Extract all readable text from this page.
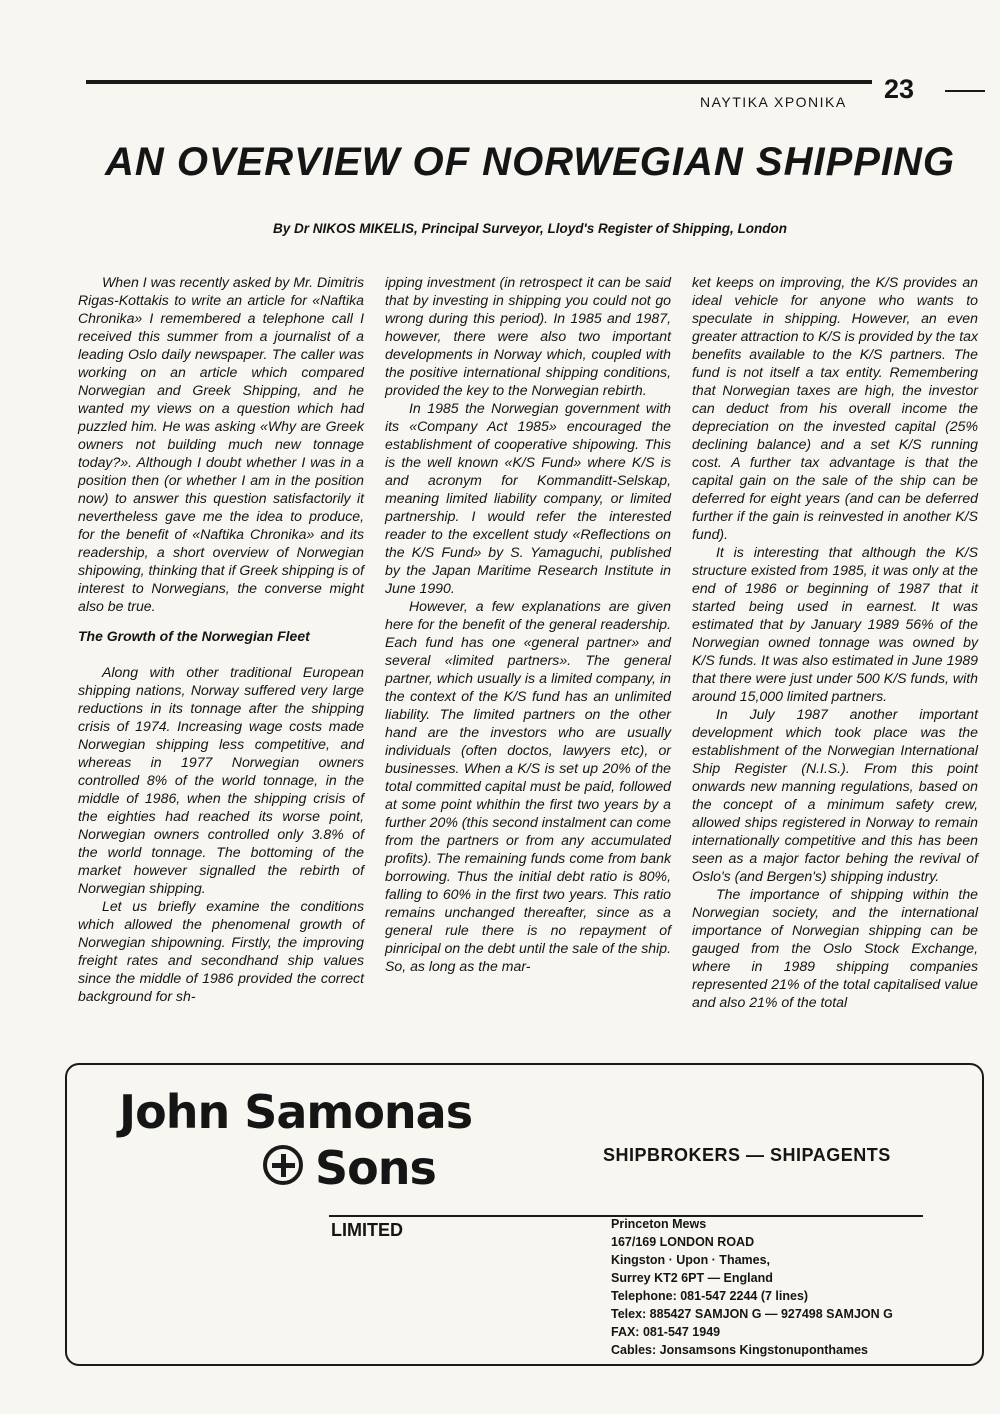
NAYTIKA XPONIKA 23
AN OVERVIEW OF NORWEGIAN SHIPPING
By Dr NIKOS MIKELIS, Principal Surveyor, Lloyd's Register of Shipping, London

When I was recently asked by Mr. Dimitris Rigas-Kottakis to write an article for «Naftika Chronika» I remembered a telephone call I received this summer from a journalist of a leading Oslo daily newspaper. The caller was working on an article which compared Norwegian and Greek Shipping, and he wanted my views on a question which had puzzled him. He was asking «Why are Greek owners not building much new tonnage today?». Although I doubt whether I was in a position then (or whether I am in the position now) to answer this question satisfactorily it nevertheless gave me the idea to produce, for the benefit of «Naftika Chronika» and its readership, a short overview of Norwegian shipowing, thinking that if Greek shipping is of interest to Norwegians, the converse might also be true.

The Growth of the Norwegian Fleet

Along with other traditional European shipping nations, Norway suffered very large reductions in its tonnage after the shipping crisis of 1974. Increasing wage costs made Norwegian shipping less competitive, and whereas in 1977 Norwegian owners controlled 8% of the world tonnage, in the middle of 1986, when the shipping crisis of the eighties had reached its worse point, Norwegian owners controlled only 3.8% of the world tonnage. The bottoming of the market however signalled the rebirth of Norwegian shipping.

Let us briefly examine the conditions which allowed the phenomenal growth of Norwegian shipowning. Firstly, the improving freight rates and secondhand ship values since the middle of 1986 provided the correct background for sh-

ipping investment (in retrospect it can be said that by investing in shipping you could not go wrong during this period). In 1985 and 1987, however, there were also two important developments in Norway which, coupled with the positive international shipping conditions, provided the key to the Norwegian rebirth.

In 1985 the Norwegian government with its «Company Act 1985» encouraged the establishment of cooperative shipowing. This is the well known «K/S Fund» where K/S is and acronym for Kommanditt-Selskap, meaning limited liability company, or limited partnership. I would refer the interested reader to the excellent study «Reflections on the K/S Fund» by S. Yamaguchi, published by the Japan Maritime Research Institute in June 1990.

However, a few explanations are given here for the benefit of the general readership. Each fund has one «general partner» and several «limited partners». The general partner, which usually is a limited company, in the context of the K/S fund has an unlimited liability. The limited partners on the other hand are the investors who are usually individuals (often doctos, lawyers etc), or businesses. When a K/S is set up 20% of the total committed capital must be paid, followed at some point whithin the first two years by a further 20% (this second instalment can come from the partners or from any accumulated profits). The remaining funds come from bank borrowing. Thus the initial debt ratio is 80%, falling to 60% in the first two years. This ratio remains unchanged thereafter, since as a general rule there is no repayment of pinricipal on the debt until the sale of the ship. So, as long as the mar-

ket keeps on improving, the K/S provides an ideal vehicle for anyone who wants to speculate in shipping. However, an even greater attraction to K/S is provided by the tax benefits available to the K/S partners. The fund is not itself a tax entity. Remembering that Norwegian taxes are high, the investor can deduct from his overall income the depreciation on the invested capital (25% declining balance) and a set K/S running cost. A further tax advantage is that the capital gain on the sale of the ship can be deferred for eight years (and can be deferred further if the gain is reinvested in another K/S fund).

It is interesting that although the K/S structure existed from 1985, it was only at the end of 1986 or beginning of 1987 that it started being used in earnest. It was estimated that by January 1989 56% of the Norwegian owned tonnage was owned by K/S funds. It was also estimated in June 1989 that there were just under 500 K/S funds, with around 15,000 limited partners.

In July 1987 another important development which took place was the establishment of the Norwegian International Ship Register (N.I.S.). From this point onwards new manning regulations, based on the concept of a minimum safety crew, allowed ships registered in Norway to remain internationally competitive and this has been seen as a major factor behing the revival of Oslo's (and Bergen's) shipping industry.

The importance of shipping within the Norwegian society, and the international importance of Norwegian shipping can be gauged from the Oslo Stock Exchange, where in 1989 shipping companies represented 21% of the total capitalised value and also 21% of the total

John Samonas
Sons	SHIPBROKERS — SHIPAGENTS
LIMITED	Princeton Mews
167/169 LONDON ROAD
Kingston · Upon · Thames,
Surrey KT2 6PT — England
Telephone: 081-547 2244 (7 lines)
Telex: 885427 SAMJON G — 927498 SAMJON G
FAX: 081-547 1949
Cables: Jonsamsons Kingstonuponthames
